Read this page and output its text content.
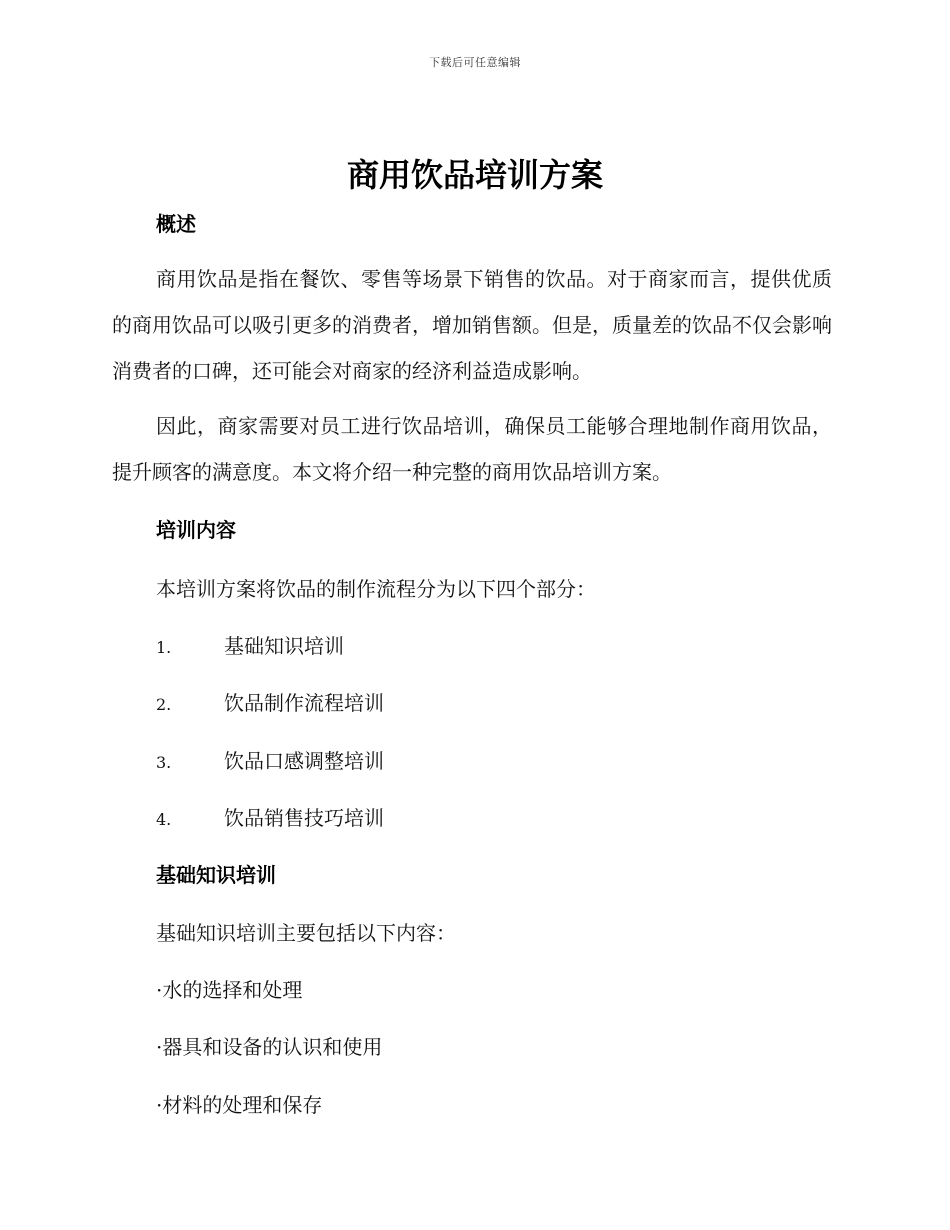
下载后可任意编辑
商用饮品培训方案
概述

商用饮品是指在餐饮、零售等场景下销售的饮品。对于商家而言，提供优质的商用饮品可以吸引更多的消费者，增加销售额。但是，质量差的饮品不仅会影响消费者的口碑，还可能会对商家的经济利益造成影响。

因此，商家需要对员工进行饮品培训，确保员工能够合理地制作商用饮品，提升顾客的满意度。本文将介绍一种完整的商用饮品培训方案。

培训内容

本培训方案将饮品的制作流程分为以下四个部分：

1.	基础知识培训

2.	饮品制作流程培训

3.	饮品口感调整培训

4.	饮品销售技巧培训

基础知识培训

基础知识培训主要包括以下内容：

·水的选择和处理

·器具和设备的认识和使用

·材料的处理和保存
